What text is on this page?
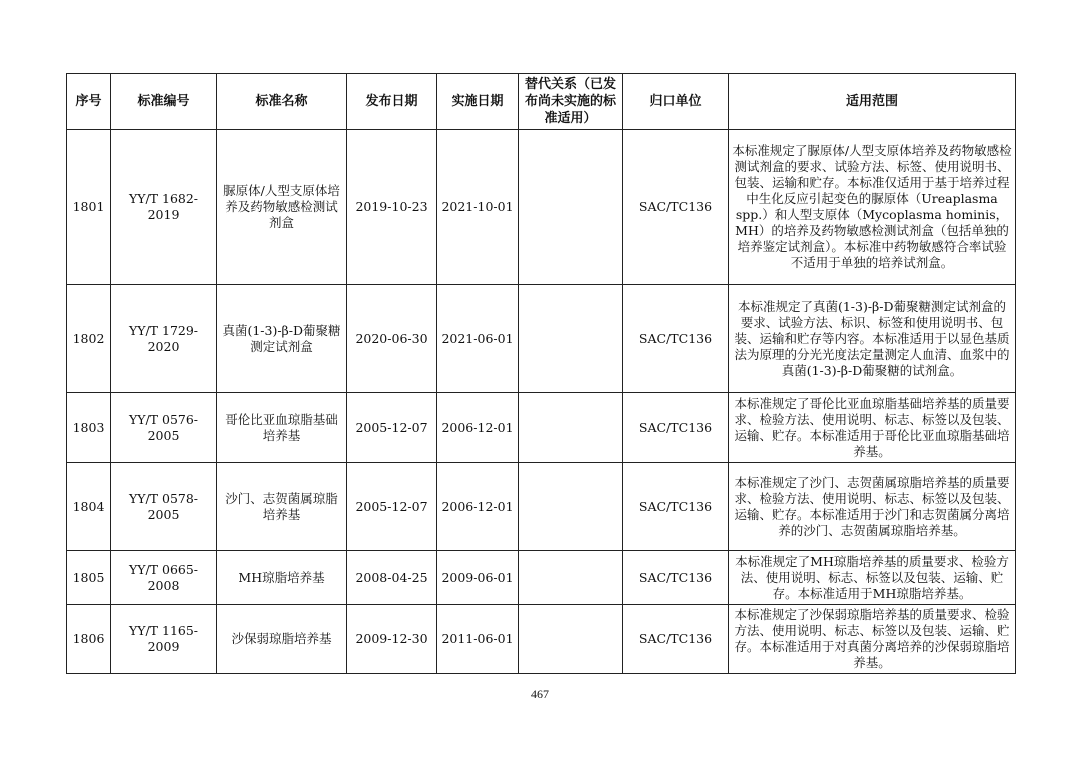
序号	标准编号	标准名称	发布日期	实施日期	替代关系（已发布尚未实施的标准适用）	归口单位	适用范围
1801	YY/T 1682-2019	脲原体/人型支原体培养及药物敏感检测试剂盒	2019-10-23	2021-10-01		SAC/TC136	本标准规定了脲原体/人型支原体培养及药物敏感检测试剂盒的要求、试验方法、标签、使用说明书、包装、运输和贮存。本标准仅适用于基于培养过程中生化反应引起变色的脲原体（Ureaplasma spp.）和人型支原体（Mycoplasma hominis，MH）的培养及药物敏感检测试剂盒（包括单独的培养鉴定试剂盒）。本标准中药物敏感符合率试验不适用于单独的培养试剂盒。
1802	YY/T 1729-2020	真菌(1-3)-β-D葡聚糖测定试剂盒	2020-06-30	2021-06-01		SAC/TC136	本标准规定了真菌(1-3)-β-D葡聚糖测定试剂盒的要求、试验方法、标识、标签和使用说明书、包装、运输和贮存等内容。本标准适用于以显色基质法为原理的分光光度法定量测定人血清、血浆中的真菌(1-3)-β-D葡聚糖的试剂盒。
1803	YY/T 0576-2005	哥伦比亚血琼脂基础培养基	2005-12-07	2006-12-01		SAC/TC136	本标准规定了哥伦比亚血琼脂基础培养基的质量要求、检验方法、使用说明、标志、标签以及包装、运输、贮存。本标准适用于哥伦比亚血琼脂基础培养基。
1804	YY/T 0578-2005	沙门、志贺菌属琼脂培养基	2005-12-07	2006-12-01		SAC/TC136	本标准规定了沙门、志贺菌属琼脂培养基的质量要求、检验方法、使用说明、标志、标签以及包装、运输、贮存。本标准适用于沙门和志贺菌属分离培养的沙门、志贺菌属琼脂培养基。
1805	YY/T 0665-2008	MH琼脂培养基	2008-04-25	2009-06-01		SAC/TC136	本标准规定了MH琼脂培养基的质量要求、检验方法、使用说明、标志、标签以及包装、运输、贮存。本标准适用于MH琼脂培养基。
1806	YY/T 1165-2009	沙保弱琼脂培养基	2009-12-30	2011-06-01		SAC/TC136	本标准规定了沙保弱琼脂培养基的质量要求、检验方法、使用说明、标志、标签以及包装、运输、贮存。本标准适用于对真菌分离培养的沙保弱琼脂培养基。
467
